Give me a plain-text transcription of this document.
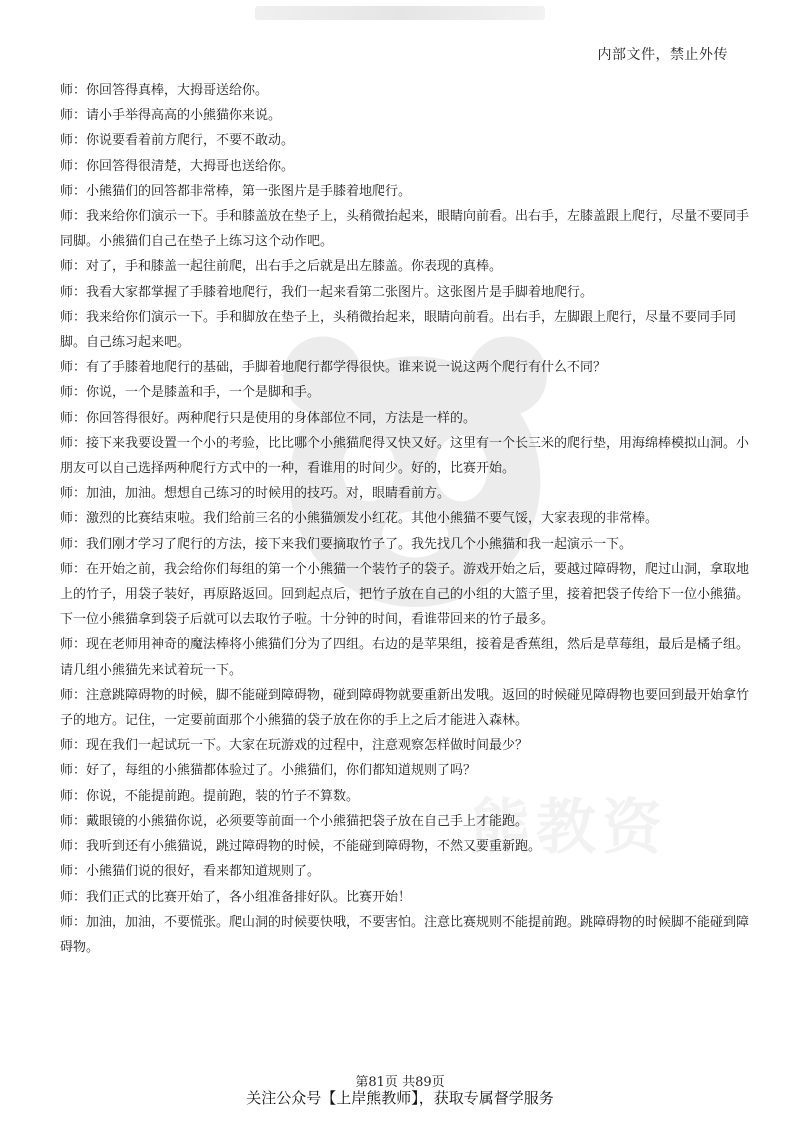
内部文件，禁止外传
熊教资

师：你回答得真棒，大拇哥送给你。

师：请小手举得高高的小熊猫你来说。

师：你说要看着前方爬行，不要不敢动。

师：你回答得很清楚，大拇哥也送给你。

师：小熊猫们的回答都非常棒，第一张图片是手膝着地爬行。

师：我来给你们演示一下。手和膝盖放在垫子上，头稍微抬起来，眼睛向前看。出右手，左膝盖跟上爬行，尽量不要同手同脚。小熊猫们自己在垫子上练习这个动作吧。

师：对了，手和膝盖一起往前爬，出右手之后就是出左膝盖。你表现的真棒。

师：我看大家都掌握了手膝着地爬行，我们一起来看第二张图片。这张图片是手脚着地爬行。

师：我来给你们演示一下。手和脚放在垫子上，头稍微抬起来，眼睛向前看。出右手，左脚跟上爬行，尽量不要同手同脚。自己练习起来吧。

师：有了手膝着地爬行的基础，手脚着地爬行都学得很快。谁来说一说这两个爬行有什么不同？

师：你说，一个是膝盖和手，一个是脚和手。

师：你回答得很好。两种爬行只是使用的身体部位不同，方法是一样的。

师：接下来我要设置一个小的考验，比比哪个小熊猫爬得又快又好。这里有一个长三米的爬行垫，用海绵棒模拟山洞。小朋友可以自己选择两种爬行方式中的一种，看谁用的时间少。好的，比赛开始。

师：加油，加油。想想自己练习的时候用的技巧。对，眼睛看前方。

师：激烈的比赛结束啦。我们给前三名的小熊猫颁发小红花。其他小熊猫不要气馁，大家表现的非常棒。

师：我们刚才学习了爬行的方法，接下来我们要摘取竹子了。我先找几个小熊猫和我一起演示一下。

师：在开始之前，我会给你们每组的第一个小熊猫一个装竹子的袋子。游戏开始之后，要越过障碍物，爬过山洞，拿取地上的竹子，用袋子装好，再原路返回。回到起点后，把竹子放在自己的小组的大篮子里，接着把袋子传给下一位小熊猫。下一位小熊猫拿到袋子后就可以去取竹子啦。十分钟的时间，看谁带回来的竹子最多。

师：现在老师用神奇的魔法棒将小熊猫们分为了四组。右边的是苹果组，接着是香蕉组，然后是草莓组，最后是橘子组。请几组小熊猫先来试着玩一下。

师：注意跳障碍物的时候，脚不能碰到障碍物，碰到障碍物就要重新出发哦。返回的时候碰见障碍物也要回到最开始拿竹子的地方。记住，一定要前面那个小熊猫的袋子放在你的手上之后才能进入森林。

师：现在我们一起试玩一下。大家在玩游戏的过程中，注意观察怎样做时间最少？

师：好了，每组的小熊猫都体验过了。小熊猫们，你们都知道规则了吗？

师：你说，不能提前跑。提前跑，装的竹子不算数。

师：戴眼镜的小熊猫你说，必须要等前面一个小熊猫把袋子放在自己手上才能跑。

师：我听到还有小熊猫说，跳过障碍物的时候，不能碰到障碍物，不然又要重新跑。

师：小熊猫们说的很好，看来都知道规则了。

师：我们正式的比赛开始了，各小组准备排好队。比赛开始！

师：加油，加油，不要慌张。爬山洞的时候要快哦，不要害怕。注意比赛规则不能提前跑。跳障碍物的时候脚不能碰到障碍物。

第81页 共89页
关注公众号【上岸熊教师】，获取专属督学服务
